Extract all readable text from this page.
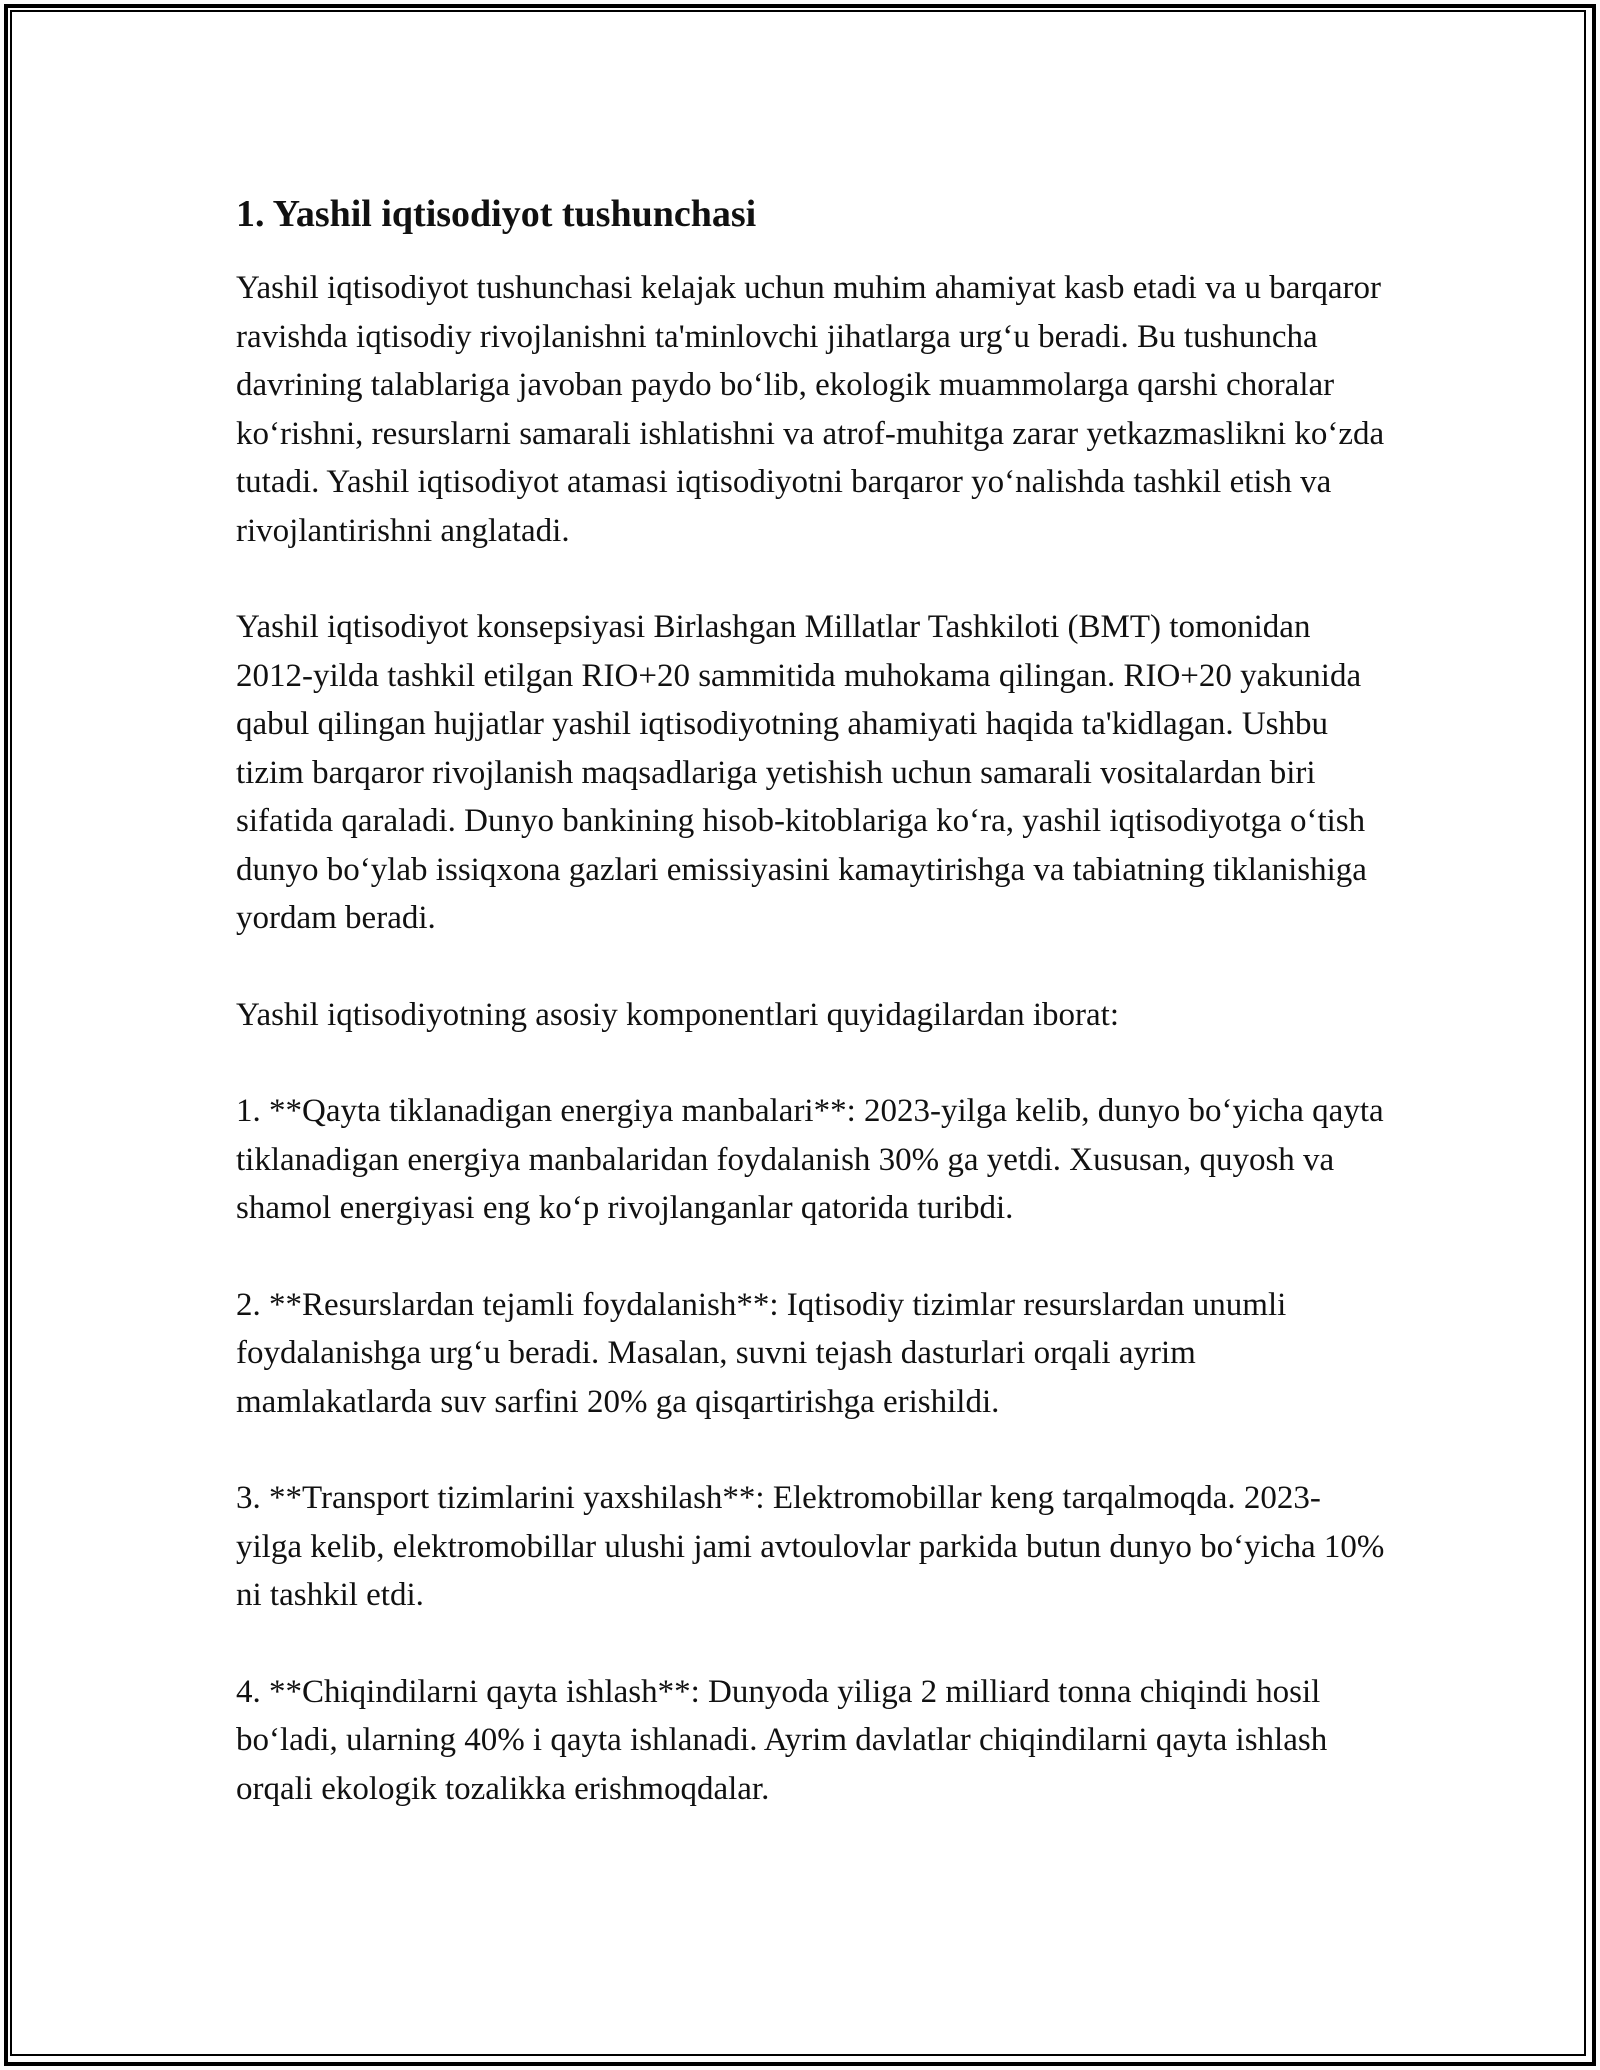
1. Yashil iqtisodiyot tushunchasi

Yashil iqtisodiyot tushunchasi kelajak uchun muhim ahamiyat kasb etadi va u barqaror ravishda iqtisodiy rivojlanishni ta'minlovchi jihatlarga urg‘u beradi. Bu tushuncha davrining talablariga javoban paydo bo‘lib, ekologik muammolarga qarshi choralar ko‘rishni, resurslarni samarali ishlatishni va atrof-muhitga zarar yetkazmaslikni ko‘zda tutadi. Yashil iqtisodiyot atamasi iqtisodiyotni barqaror yo‘nalishda tashkil etish va rivojlantirishni anglatadi.

Yashil iqtisodiyot konsepsiyasi Birlashgan Millatlar Tashkiloti (BMT) tomonidan 2012-yilda tashkil etilgan RIO+20 sammitida muhokama qilingan. RIO+20 yakunida qabul qilingan hujjatlar yashil iqtisodiyotning ahamiyati haqida ta'kidlagan. Ushbu tizim barqaror rivojlanish maqsadlariga yetishish uchun samarali vositalardan biri sifatida qaraladi. Dunyo bankining hisob-kitoblariga ko‘ra, yashil iqtisodiyotga o‘tish dunyo bo‘ylab issiqxona gazlari emissiyasini kamaytirishga va tabiatning tiklanishiga yordam beradi.

Yashil iqtisodiyotning asosiy komponentlari quyidagilardan iborat:

1. **Qayta tiklanadigan energiya manbalari**: 2023-yilga kelib, dunyo bo‘yicha qayta tiklanadigan energiya manbalaridan foydalanish 30% ga yetdi. Xususan, quyosh va shamol energiyasi eng ko‘p rivojlanganlar qatorida turibdi.

2. **Resurslardan tejamli foydalanish**: Iqtisodiy tizimlar resurslardan unumli foydalanishga urg‘u beradi. Masalan, suvni tejash dasturlari orqali ayrim mamlakatlarda suv sarfini 20% ga qisqartirishga erishildi.

3. **Transport tizimlarini yaxshilash**: Elektromobillar keng tarqalmoqda. 2023-yilga kelib, elektromobillar ulushi jami avtoulovlar parkida butun dunyo bo‘yicha 10% ni tashkil etdi.

4. **Chiqindilarni qayta ishlash**: Dunyoda yiliga 2 milliard tonna chiqindi hosil bo‘ladi, ularning 40% i qayta ishlanadi. Ayrim davlatlar chiqindilarni qayta ishlash orqali ekologik tozalikka erishmoqdalar.
